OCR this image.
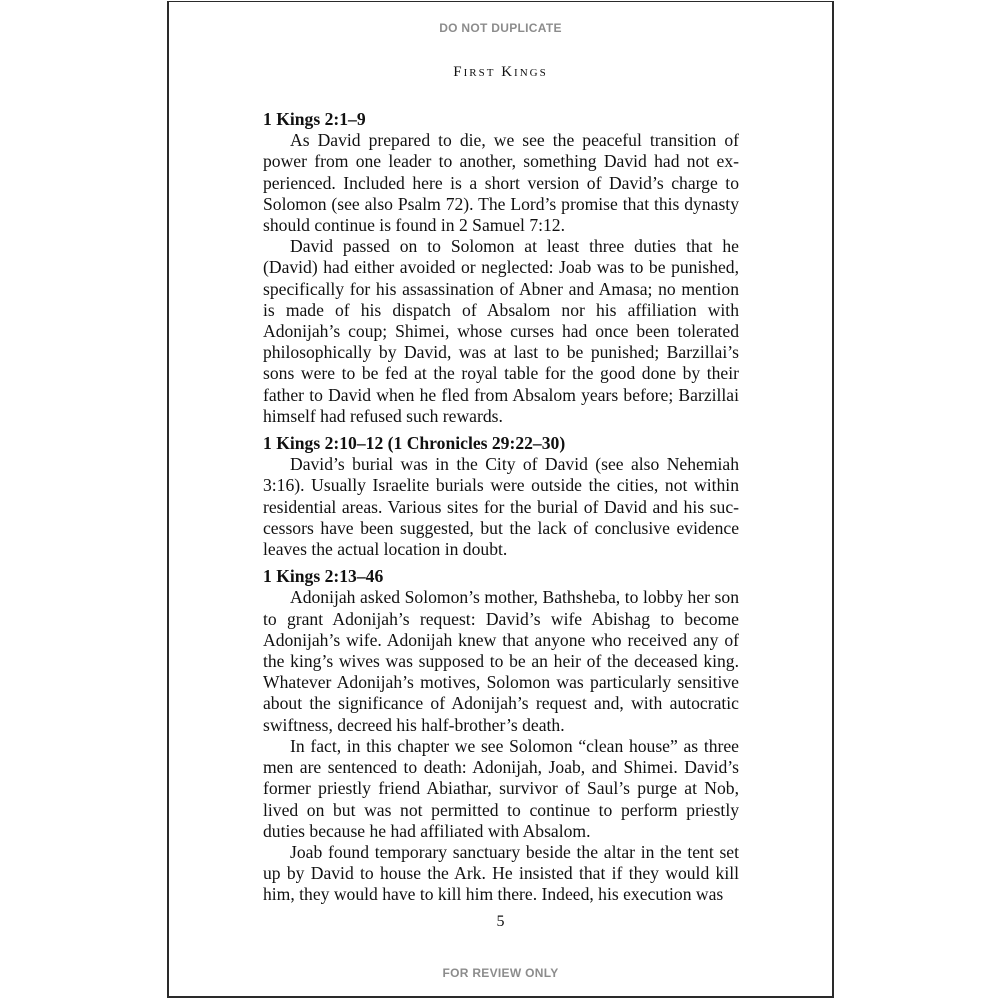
DO NOT DUPLICATE
First Kings
1 Kings 2:1–9

As David prepared to die, we see the peaceful transition of power from one leader to another, something David had not experienced. Included here is a short version of David’s charge to Solomon (see also Psalm 72). The Lord’s promise that this dynasty should continue is found in 2 Samuel 7:12.

David passed on to Solomon at least three duties that he (David) had either avoided or neglected: Joab was to be punished, specifically for his assassination of Abner and Amasa; no mention is made of his dispatch of Absalom nor his affiliation with Adonijah’s coup; Shimei, whose curses had once been tolerated philosophically by David, was at last to be punished; Barzillai’s sons were to be fed at the royal table for the good done by their father to David when he fled from Absalom years before; Barzillai himself had refused such rewards.

1 Kings 2:10–12 (1 Chronicles 29:22–30)

David’s burial was in the City of David (see also Nehemiah 3:16). Usually Israelite burials were outside the cities, not within residential areas. Various sites for the burial of David and his successors have been suggested, but the lack of conclusive evidence leaves the actual location in doubt.

1 Kings 2:13–46

Adonijah asked Solomon’s mother, Bathsheba, to lobby her son to grant Adonijah’s request: David’s wife Abishag to become Adonijah’s wife. Adonijah knew that anyone who received any of the king’s wives was supposed to be an heir of the deceased king. Whatever Adonijah’s motives, Solomon was particularly sensitive about the significance of Adonijah’s request and, with autocratic swiftness, decreed his half-brother’s death.

In fact, in this chapter we see Solomon “clean house” as three men are sentenced to death: Adonijah, Joab, and Shimei. David’s former priestly friend Abiathar, survivor of Saul’s purge at Nob, lived on but was not permitted to continue to perform priestly duties because he had affiliated with Absalom.

Joab found temporary sanctuary beside the altar in the tent set up by David to house the Ark. He insisted that if they would kill him, they would have to kill him there. Indeed, his execution was

5
FOR REVIEW ONLY
